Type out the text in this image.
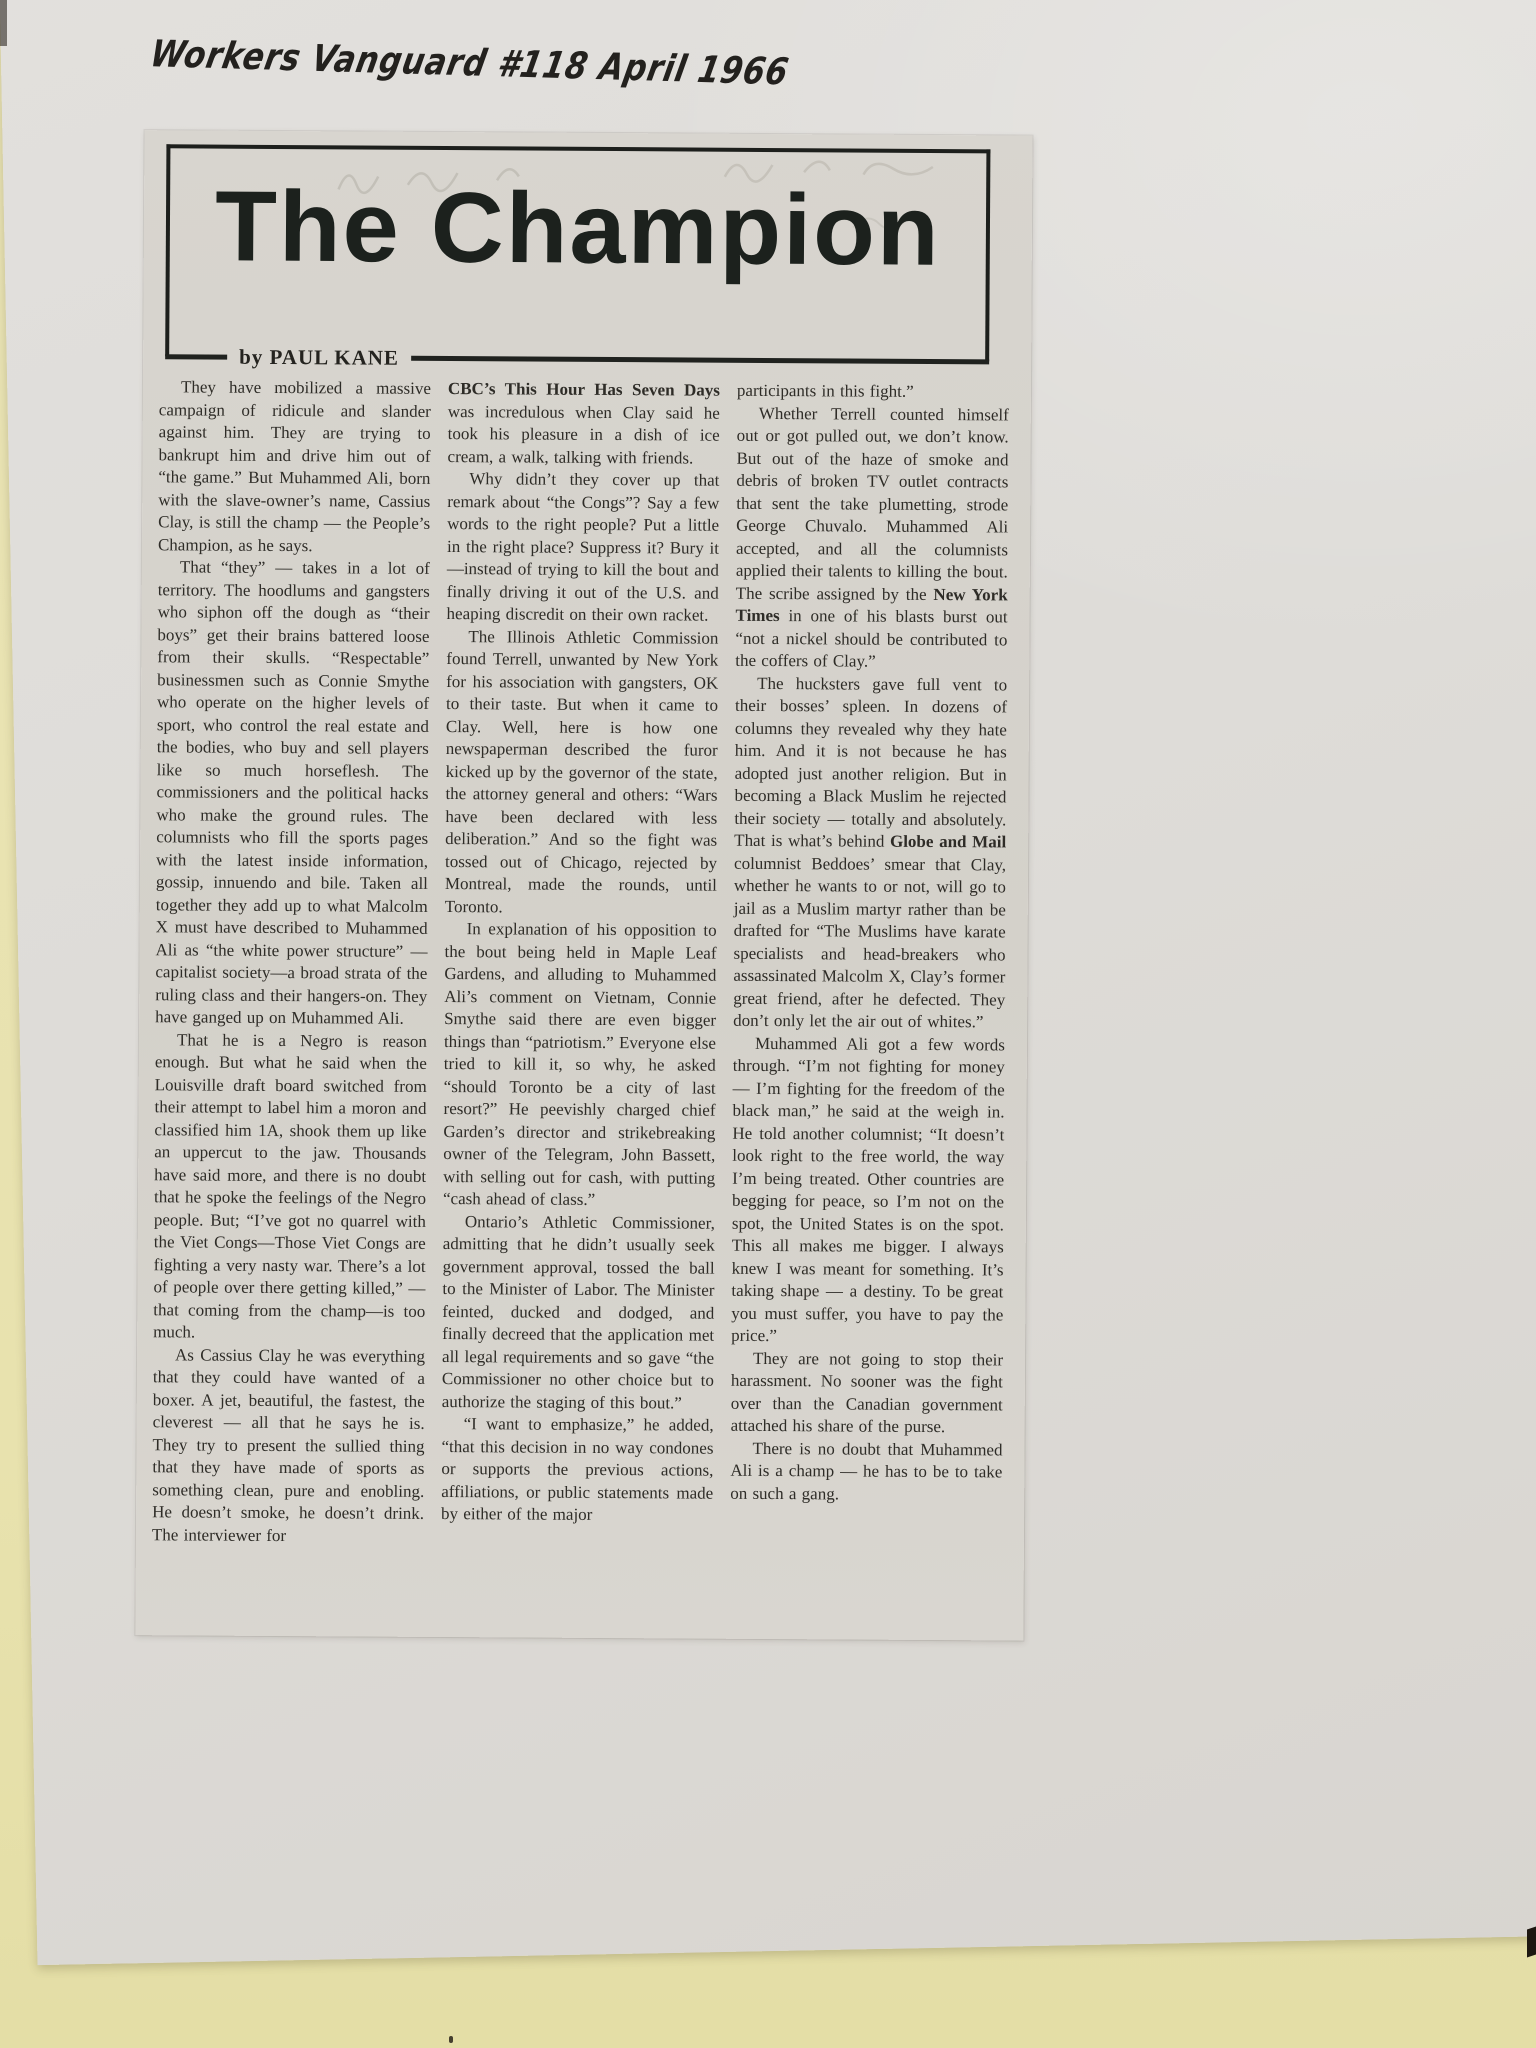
Workers Vanguard #118 April 1966
The Champion
by PAUL KANE

They have mobilized a massive campaign of ridicule and slander against him. They are trying to bankrupt him and drive him out of “the game.” But Muhammed Ali, born with the slave-owner’s name, Cassius Clay, is still the champ — the People’s Champion, as he says.

That “they” — takes in a lot of territory. The hoodlums and gangsters who siphon off the dough as “their boys” get their brains battered loose from their skulls. “Respectable” businessmen such as Connie Smythe who operate on the higher levels of sport, who control the real estate and the bodies, who buy and sell players like so much horseflesh. The commissioners and the political hacks who make the ground rules. The columnists who fill the sports pages with the latest inside information, gossip, innuendo and bile. Taken all together they add up to what Malcolm X must have described to Muhammed Ali as “the white power structure” — capitalist society—a broad strata of the ruling class and their hangers-on. They have ganged up on Muhammed Ali.

That he is a Negro is reason enough. But what he said when the Louisville draft board switched from their attempt to label him a moron and classified him 1A, shook them up like an uppercut to the jaw. Thousands have said more, and there is no doubt that he spoke the feelings of the Negro people. But; “I’ve got no quarrel with the Viet Congs—Those Viet Congs are fighting a very nasty war. There’s a lot of people over there getting killed,” —that coming from the champ—is too much.

As Cassius Clay he was everything that they could have wanted of a boxer. A jet, beautiful, the fastest, the cleverest — all that he says he is. They try to present the sullied thing that they have made of sports as something clean, pure and enobling. He doesn’t smoke, he doesn’t drink. The interviewer for

CBC’s This Hour Has Seven Days was incredulous when Clay said he took his pleasure in a dish of ice cream, a walk, talking with friends.

Why didn’t they cover up that remark about “the Congs”? Say a few words to the right people? Put a little in the right place? Suppress it? Bury it—instead of trying to kill the bout and finally driving it out of the U.S. and heaping discredit on their own racket.

The Illinois Athletic Commission found Terrell, unwanted by New York for his association with gangsters, OK to their taste. But when it came to Clay. Well, here is how one newspaperman described the furor kicked up by the governor of the state, the attorney general and others: “Wars have been declared with less deliberation.” And so the fight was tossed out of Chicago, rejected by Montreal, made the rounds, until Toronto.

In explanation of his opposition to the bout being held in Maple Leaf Gardens, and alluding to Muhammed Ali’s comment on Vietnam, Connie Smythe said there are even bigger things than “patriotism.” Everyone else tried to kill it, so why, he asked “should Toronto be a city of last resort?” He peevishly charged chief Garden’s director and strikebreaking owner of the Telegram, John Bassett, with selling out for cash, with putting “cash ahead of class.”

Ontario’s Athletic Commissioner, admitting that he didn’t usually seek government approval, tossed the ball to the Minister of Labor. The Minister feinted, ducked and dodged, and finally decreed that the application met all legal requirements and so gave “the Commissioner no other choice but to authorize the staging of this bout.”

“I want to emphasize,” he added, “that this decision in no way condones or supports the previous actions, affiliations, or public statements made by either of the major

participants in this fight.”

Whether Terrell counted himself out or got pulled out, we don’t know. But out of the haze of smoke and debris of broken TV outlet contracts that sent the take plumetting, strode George Chuvalo. Muhammed Ali accepted, and all the columnists applied their talents to killing the bout. The scribe assigned by the New York Times in one of his blasts burst out “not a nickel should be contributed to the coffers of Clay.”

The hucksters gave full vent to their bosses’ spleen. In dozens of columns they revealed why they hate him. And it is not because he has adopted just another religion. But in becoming a Black Muslim he rejected their society — totally and absolutely. That is what’s behind Globe and Mail columnist Beddoes’ smear that Clay, whether he wants to or not, will go to jail as a Muslim martyr rather than be drafted for “The Muslims have karate specialists and head-breakers who assassinated Malcolm X, Clay’s former great friend, after he defected. They don’t only let the air out of whites.”

Muhammed Ali got a few words through. “I’m not fighting for money — I’m fighting for the freedom of the black man,” he said at the weigh in. He told another columnist; “It doesn’t look right to the free world, the way I’m being treated. Other countries are begging for peace, so I’m not on the spot, the United States is on the spot. This all makes me bigger. I always knew I was meant for something. It’s taking shape — a destiny. To be great you must suffer, you have to pay the price.”

They are not going to stop their harassment. No sooner was the fight over than the Canadian government attached his share of the purse.

There is no doubt that Muhammed Ali is a champ — he has to be to take on such a gang.
